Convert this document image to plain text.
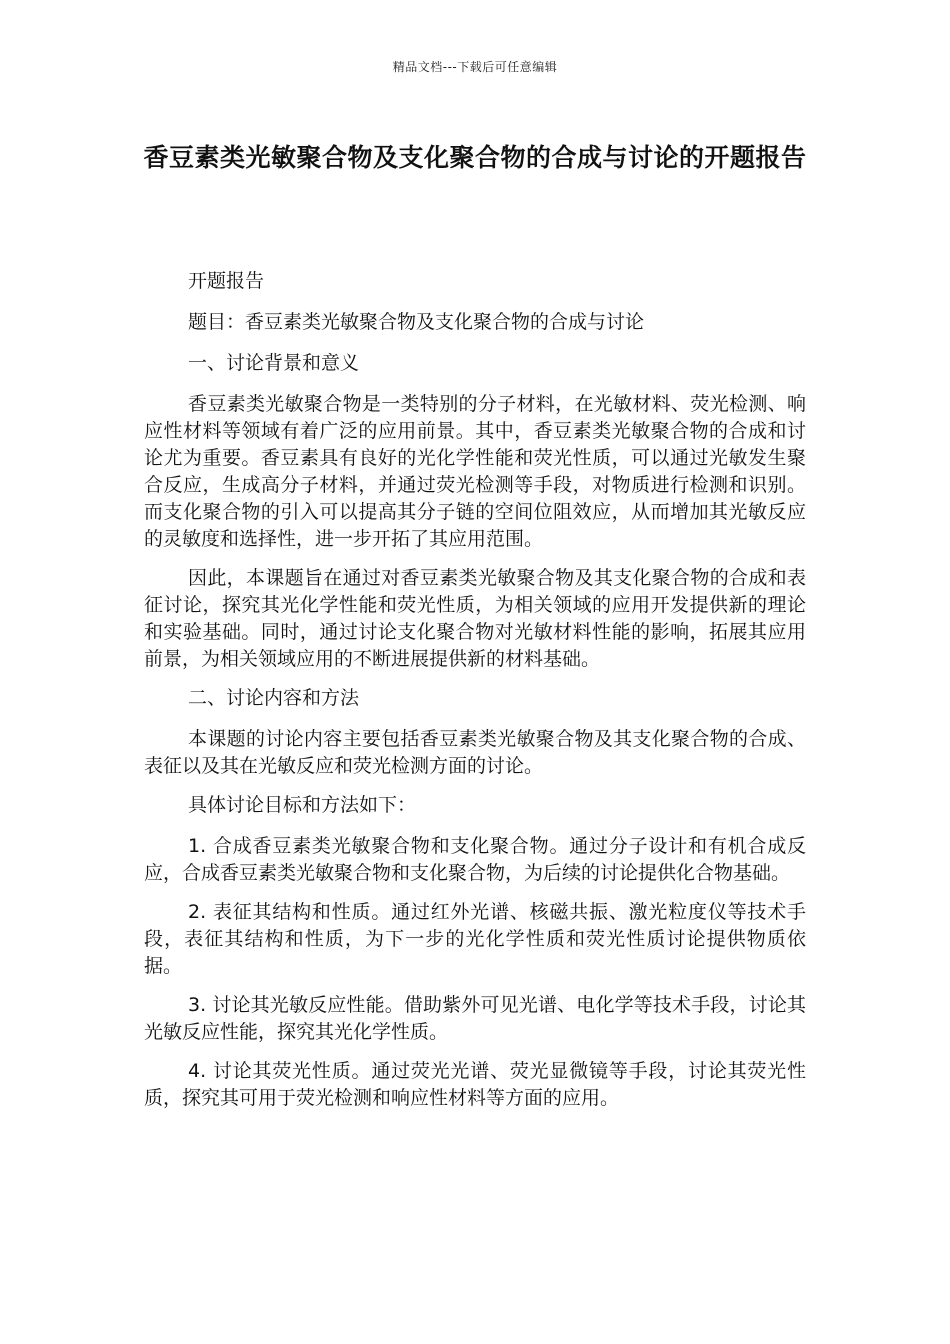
精品文档---下载后可任意编辑
香豆素类光敏聚合物及支化聚合物的合成与讨论的开题报告

开题报告

题目：香豆素类光敏聚合物及支化聚合物的合成与讨论

一、讨论背景和意义

香豆素类光敏聚合物是一类特别的分子材料，在光敏材料、荧光检测、响应性材料等领域有着广泛的应用前景。其中，香豆素类光敏聚合物的合成和讨论尤为重要。香豆素具有良好的光化学性能和荧光性质，可以通过光敏发生聚合反应，生成高分子材料，并通过荧光检测等手段，对物质进行检测和识别。而支化聚合物的引入可以提高其分子链的空间位阻效应，从而增加其光敏反应的灵敏度和选择性，进一步开拓了其应用范围。

因此，本课题旨在通过对香豆素类光敏聚合物及其支化聚合物的合成和表征讨论，探究其光化学性能和荧光性质，为相关领域的应用开发提供新的理论和实验基础。同时，通过讨论支化聚合物对光敏材料性能的影响，拓展其应用前景，为相关领域应用的不断进展提供新的材料基础。

二、讨论内容和方法

本课题的讨论内容主要包括香豆素类光敏聚合物及其支化聚合物的合成、表征以及其在光敏反应和荧光检测方面的讨论。

具体讨论目标和方法如下：

1. 合成香豆素类光敏聚合物和支化聚合物。通过分子设计和有机合成反应，合成香豆素类光敏聚合物和支化聚合物，为后续的讨论提供化合物基础。

2. 表征其结构和性质。通过红外光谱、核磁共振、激光粒度仪等技术手段，表征其结构和性质，为下一步的光化学性质和荧光性质讨论提供物质依据。

3. 讨论其光敏反应性能。借助紫外可见光谱、电化学等技术手段，讨论其光敏反应性能，探究其光化学性质。

4. 讨论其荧光性质。通过荧光光谱、荧光显微镜等手段，讨论其荧光性质，探究其可用于荧光检测和响应性材料等方面的应用。
